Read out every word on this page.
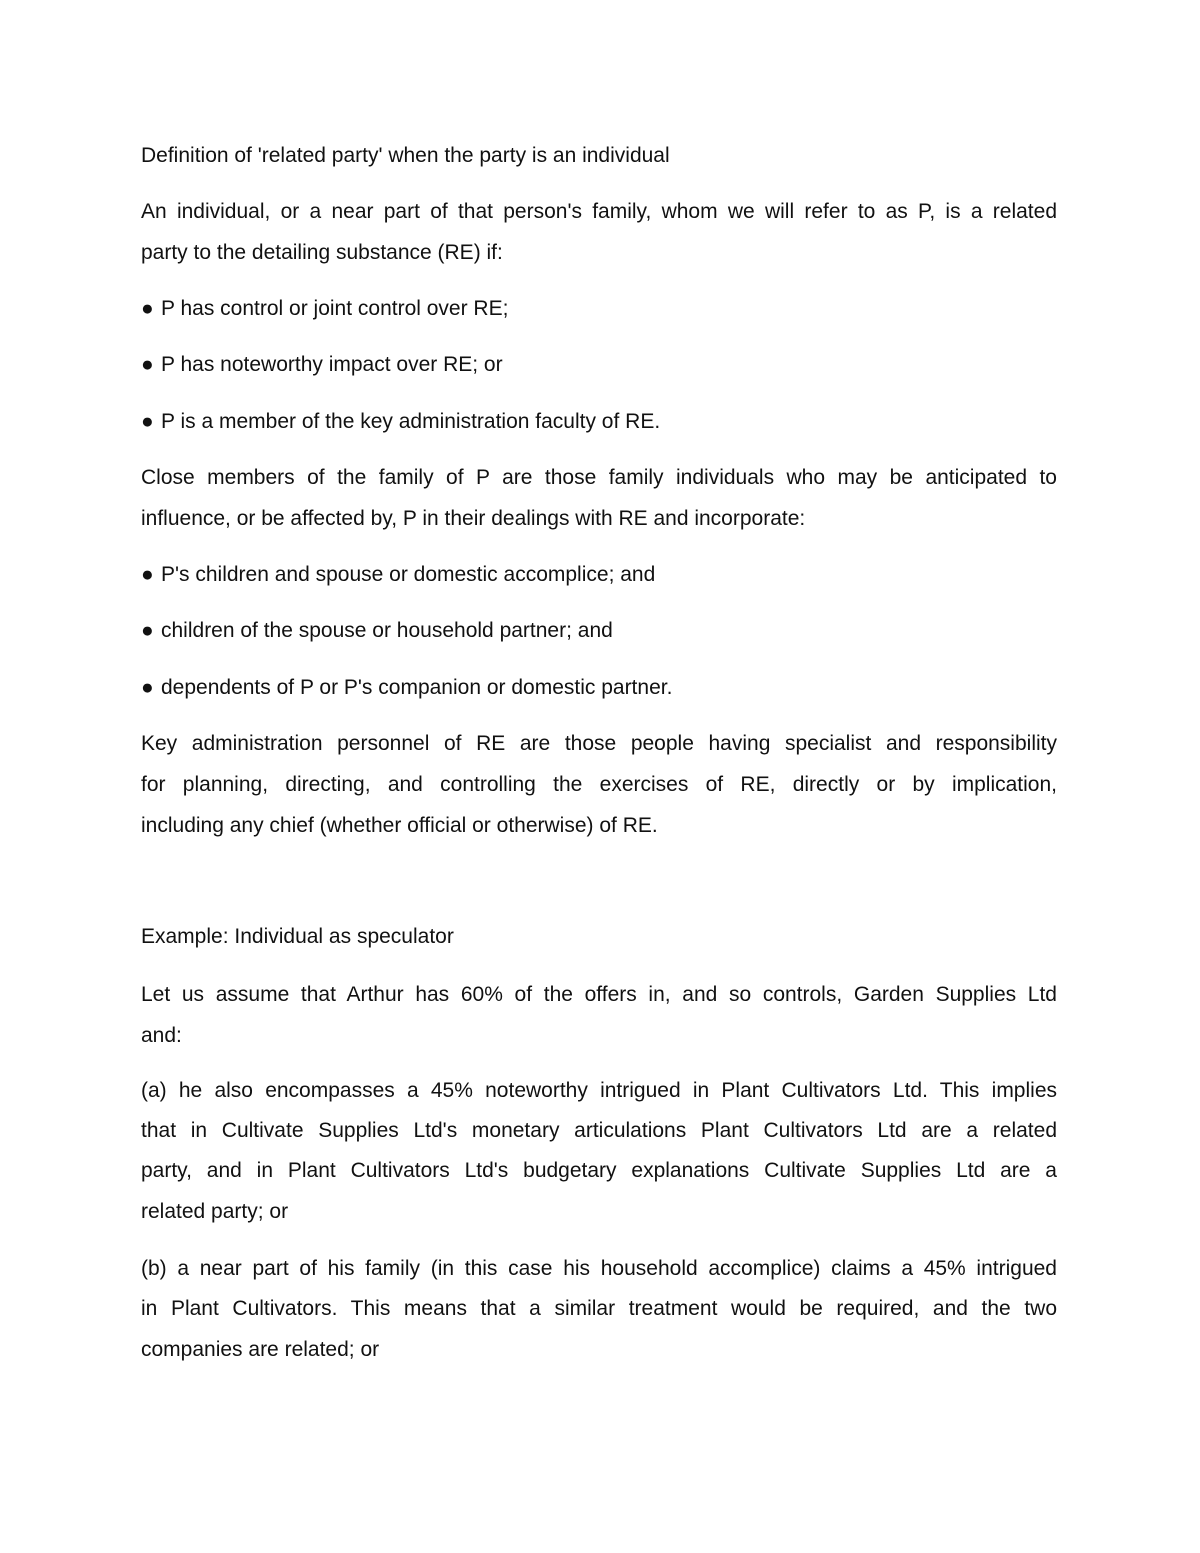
Definition of 'related party' when the party is an individual
An individual, or a near part of that person's family, whom we will refer to as P, is a related
party to the detailing substance (RE) if:
● P has control or joint control over RE;
● P has noteworthy impact over RE; or
● P is a member of the key administration faculty of RE.
Close members of the family of P are those family individuals who may be anticipated to
influence, or be affected by, P in their dealings with RE and incorporate:
● P's children and spouse or domestic accomplice; and
● children of the spouse or household partner; and
● dependents of P or P's companion or domestic partner.
Key administration personnel of RE are those people having specialist and responsibility
for planning, directing, and controlling the exercises of RE, directly or by implication,
including any chief (whether official or otherwise) of RE.
Example: Individual as speculator
Let us assume that Arthur has 60% of the offers in, and so controls, Garden Supplies Ltd
and:
(a) he also encompasses a 45% noteworthy intrigued in Plant Cultivators Ltd. This implies
that in Cultivate Supplies Ltd's monetary articulations Plant Cultivators Ltd are a related
party, and in Plant Cultivators Ltd's budgetary explanations Cultivate Supplies Ltd are a
related party; or
(b) a near part of his family (in this case his household accomplice) claims a 45% intrigued
in Plant Cultivators. This means that a similar treatment would be required, and the two
companies are related; or
